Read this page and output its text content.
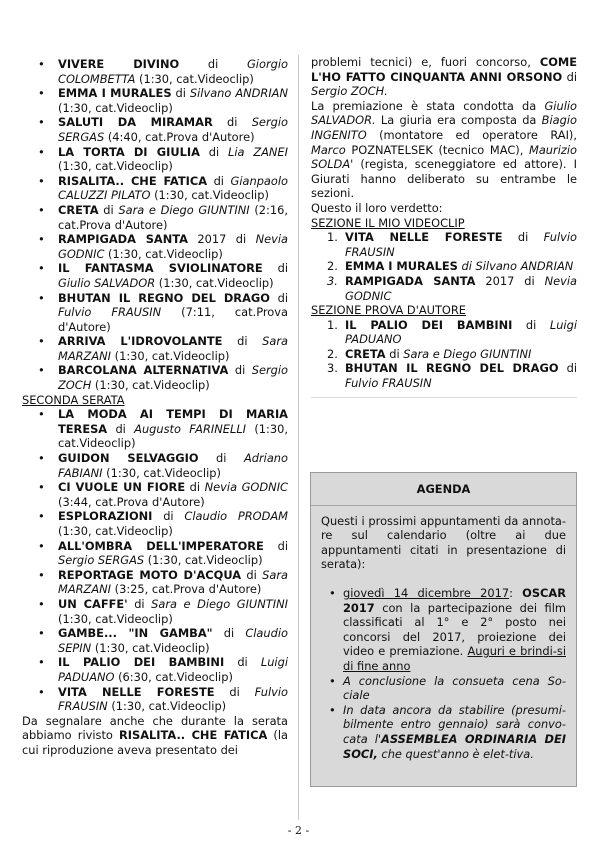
• VIVERE DIVINO	di	Giorgio COLOMBETTA (1:30, cat.Videoclip)
• EMMA I MURALES di Silvano ANDRIAN (1:30, cat.Videoclip)
• SALUTI DA MIRAMAR di Sergio SERGAS (4:40, cat.Prova d'Autore)
• LA TORTA DI GIULIA di Lia ZANEI (1:30, cat.Videoclip)
• RISALITA.. CHE FATICA di Gianpaolo CALUZZI PILATO (1:30, cat.Videoclip)
• CRETA di Sara e Diego GIUNTINI (2:16, cat.Prova d'Autore)
• RAMPIGADA SANTA 2017 di Nevia GODNIC (1:30, cat.Videoclip)
• IL FANTASMA SVIOLINATORE di Giulio SALVADOR (1:30, cat.Videoclip)
• BHUTAN IL REGNO DEL DRAGO di Fulvio FRAUSIN (7:11, cat.Prova d'Autore)
• ARRIVA L'IDROVOLANTE di Sara MARZANI (1:30, cat.Videoclip)
• BARCOLANA ALTERNATIVA di Sergio ZOCH (1:30, cat.Videoclip)
SECONDA SERATA
• LA MODA AI TEMPI DI MARIA TERESA di Augusto FARINELLI (1:30, cat.Videoclip)
• GUIDON SELVAGGIO di Adriano FABIANI (1:30, cat.Videoclip)
• CI VUOLE UN FIORE di Nevia GODNIC (3:44, cat.Prova d'Autore)
• ESPLORAZIONI di Claudio PRODAM (1:30, cat.Videoclip)
• ALL'OMBRA DELL'IMPERATORE di Sergio SERGAS (1:30, cat.Videoclip)
• REPORTAGE MOTO D'ACQUA di Sara MARZANI (3:25, cat.Prova d'Autore)
• UN CAFFE' di Sara e Diego GIUNTINI (1:30, cat.Videoclip)
• GAMBE... "IN GAMBA" di Claudio SEPIN (1:30, cat.Videoclip)
• IL PALIO DEI BAMBINI di Luigi PADUANO (6:30, cat.Videoclip)
• VITA NELLE FORESTE di Fulvio FRAUSIN (1:30, cat.Videoclip)

Da segnalare anche che durante la serata abbiamo rivisto RISALITA.. CHE FATICA (la cui riproduzione aveva presentato dei

problemi tecnici) e, fuori concorso, COME L'HO FATTO CINQUANTA ANNI ORSONO di Sergio ZOCH.

La premiazione è stata condotta da Giulio SALVADOR. La giuria era composta da Biagio INGENITO (montatore ed operatore RAI), Marco POZNATELSEK (tecnico MAC), Maurizio SOLDA' (regista, sceneggiatore ed attore). I Giurati hanno deliberato su entrambe le sezioni.

Questo il loro verdetto:

SEZIONE IL MIO VIDEOCLIP
1. VITA NELLE FORESTE di Fulvio FRAUSIN
2. EMMA I MURALES di Silvano ANDRIAN
3. RAMPIGADA SANTA 2017 di Nevia GODNIC
SEZIONE PROVA D'AUTORE
1. IL PALIO DEI BAMBINI di Luigi PADUANO
2. CRETA di Sara e Diego GIUNTINI
3. BHUTAN IL REGNO DEL DRAGO di Fulvio FRAUSIN
AGENDA

Questi i prossimi appuntamenti da annota-re sul calendario (oltre ai due appuntamenti citati in presentazione di serata):

• giovedì 14 dicembre 2017: OSCAR 2017 con la partecipazione dei film classificati al 1° e 2° posto nei concorsi del 2017, proiezione dei video e premiazione. Auguri e brindi-si di fine anno
• A conclusione la consueta cena So-ciale
• In data ancora da stabilire (presumi-bilmente entro gennaio) sarà convo-cata l'ASSEMBLEA ORDINARIA DEI SOCI, che quest'anno è elet-tiva.
- 2 -
